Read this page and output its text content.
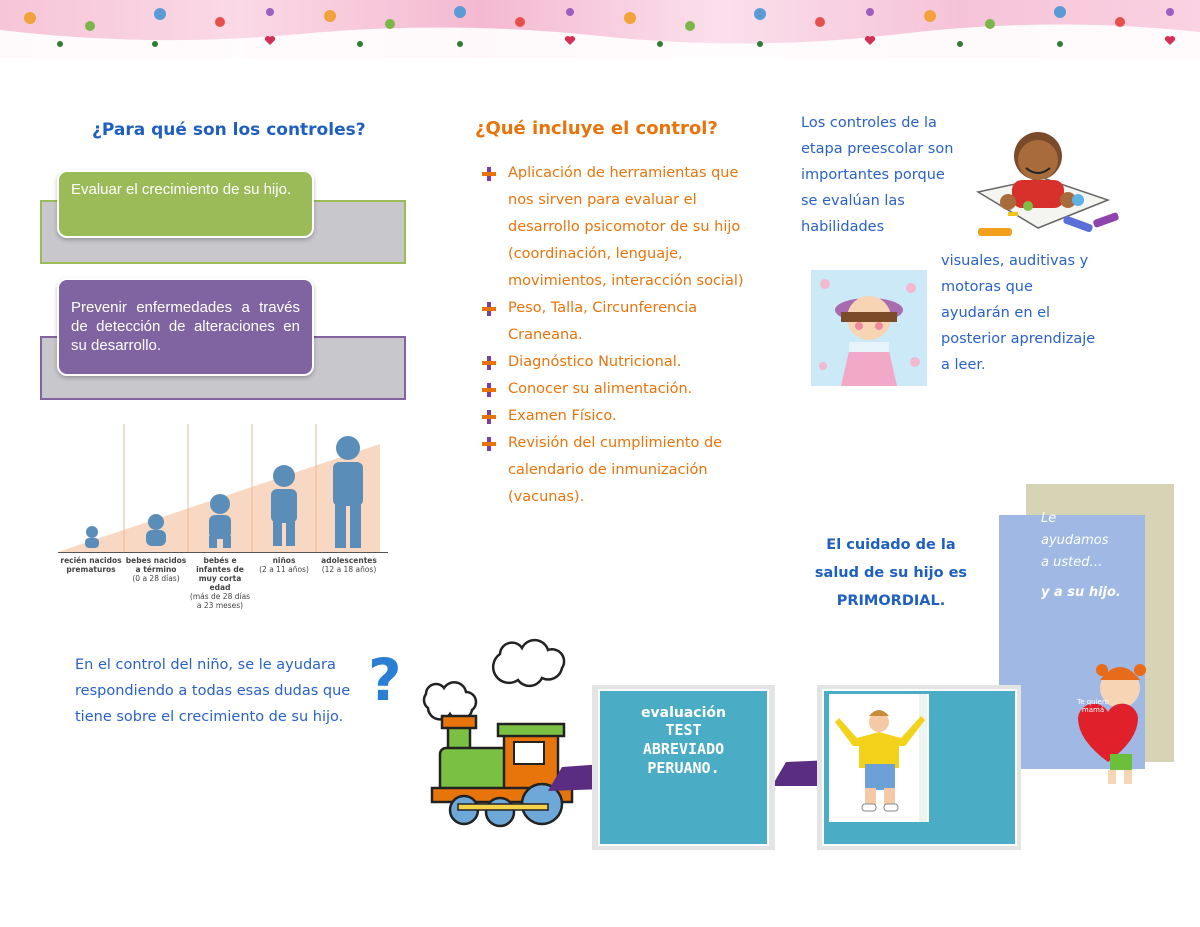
¿Para qué son los controles?
Evaluar el crecimiento de su hijo.
Prevenir enfermedades a través de detección de alteraciones en su desarrollo.
recién nacidos prematuros

bebes nacidos a término
(0 a 28 días)
bebés e infantes de muy corta edad
(más de 28 días a 23 meses)
niños
(2 a 11 años)
adolescentes
(12 a 18 años)
En el control del niño, se le ayudara respondiendo a todas esas dudas que tiene sobre el crecimiento de su hijo.
?
¿Qué incluye el control?
Aplicación de herramientas que nos sirven para evaluar el desarrollo psicomotor de su hijo (coordinación, lenguaje, movimientos, interacción social)
Peso, Talla, Circunferencia Craneana.
Diagnóstico Nutricional.
Conocer su alimentación.
Examen Físico.
Revisión del cumplimiento de calendario de inmunización (vacunas).
Los controles de la etapa preescolar son importantes porque se evalúan las habilidades
visuales, auditivas y motoras que ayudarán en el posterior aprendizaje a leer.
El cuidado de la
salud de su hijo es
PRIMORDIAL.
Le
ayudamos
a usted…
y a su hijo.
Te quiero mamá
evaluación
TEST
ABREVIADO
PERUANO.
